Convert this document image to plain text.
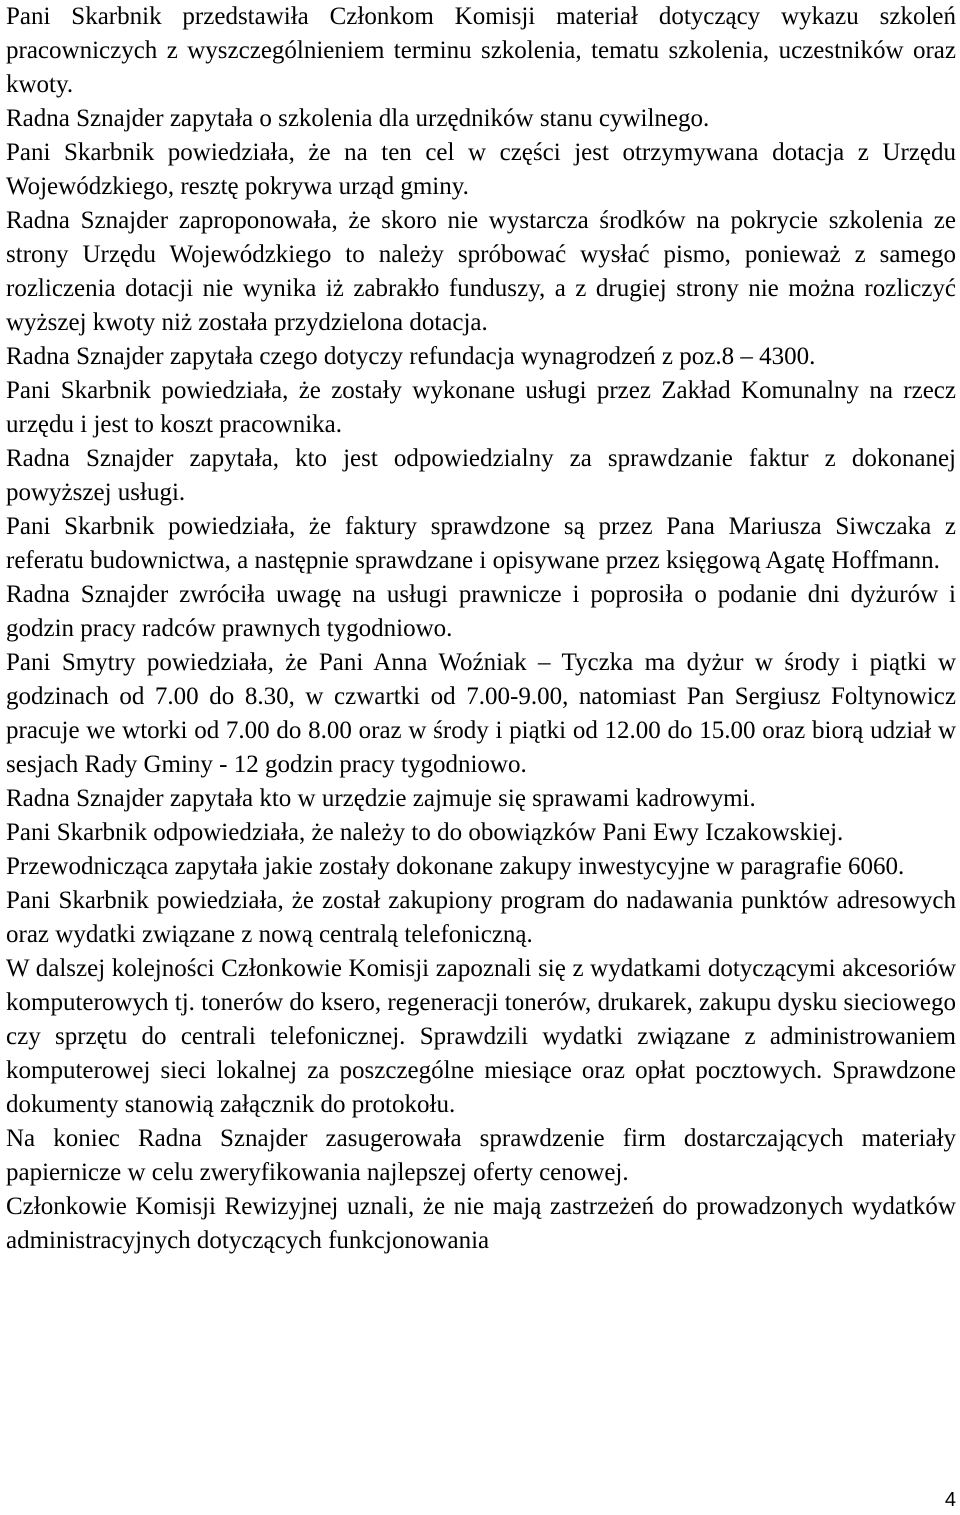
Pani Skarbnik przedstawiła Członkom Komisji materiał dotyczący wykazu szkoleń pracowniczych z wyszczególnieniem terminu szkolenia, tematu szkolenia, uczestników oraz kwoty.

Radna Sznajder zapytała o szkolenia dla urzędników stanu cywilnego.

Pani Skarbnik powiedziała, że na ten cel w części jest otrzymywana dotacja z Urzędu Wojewódzkiego, resztę pokrywa urząd gminy.

Radna Sznajder zaproponowała, że skoro nie wystarcza środków na pokrycie szkolenia ze strony Urzędu Wojewódzkiego to należy spróbować wysłać pismo, ponieważ z samego rozliczenia dotacji nie wynika iż zabrakło funduszy, a z drugiej strony nie można rozliczyć wyższej kwoty niż została przydzielona dotacja.

Radna Sznajder zapytała czego dotyczy refundacja wynagrodzeń z poz.8 – 4300.

Pani Skarbnik powiedziała, że zostały wykonane usługi przez Zakład Komunalny na rzecz urzędu i jest to koszt pracownika.

Radna Sznajder zapytała, kto jest odpowiedzialny za sprawdzanie faktur z dokonanej powyższej usługi.

Pani Skarbnik powiedziała, że faktury sprawdzone są przez Pana Mariusza Siwczaka z referatu budownictwa, a następnie sprawdzane i opisywane przez księgową Agatę Hoffmann.

Radna Sznajder zwróciła uwagę na usługi prawnicze i poprosiła o podanie dni dyżurów i godzin pracy radców prawnych tygodniowo.

Pani Smytry powiedziała, że Pani Anna Woźniak – Tyczka ma dyżur w środy i piątki w godzinach od 7.00 do 8.30, w czwartki od 7.00-9.00, natomiast Pan Sergiusz Foltynowicz pracuje we wtorki od 7.00 do 8.00 oraz w środy i piątki od 12.00 do 15.00 oraz biorą udział w sesjach Rady Gminy - 12 godzin pracy tygodniowo.

Radna Sznajder zapytała kto w urzędzie zajmuje się sprawami kadrowymi.

Pani Skarbnik odpowiedziała, że należy to do obowiązków Pani Ewy Iczakowskiej.

Przewodnicząca zapytała jakie zostały dokonane zakupy inwestycyjne w paragrafie 6060.

Pani Skarbnik powiedziała, że został zakupiony program do nadawania punktów adresowych oraz wydatki związane z nową centralą telefoniczną.

W dalszej kolejności Członkowie Komisji zapoznali się z wydatkami dotyczącymi akcesoriów komputerowych tj. tonerów do ksero, regeneracji tonerów, drukarek, zakupu dysku sieciowego czy sprzętu do centrali telefonicznej. Sprawdzili wydatki związane z administrowaniem komputerowej sieci lokalnej za poszczególne miesiące oraz opłat pocztowych. Sprawdzone dokumenty stanowią załącznik do protokołu.

Na koniec Radna Sznajder zasugerowała sprawdzenie firm dostarczających materiały papiernicze w celu zweryfikowania najlepszej oferty cenowej.

Członkowie Komisji Rewizyjnej uznali, że nie mają zastrzeżeń do prowadzonych wydatków administracyjnych dotyczących funkcjonowania

4
